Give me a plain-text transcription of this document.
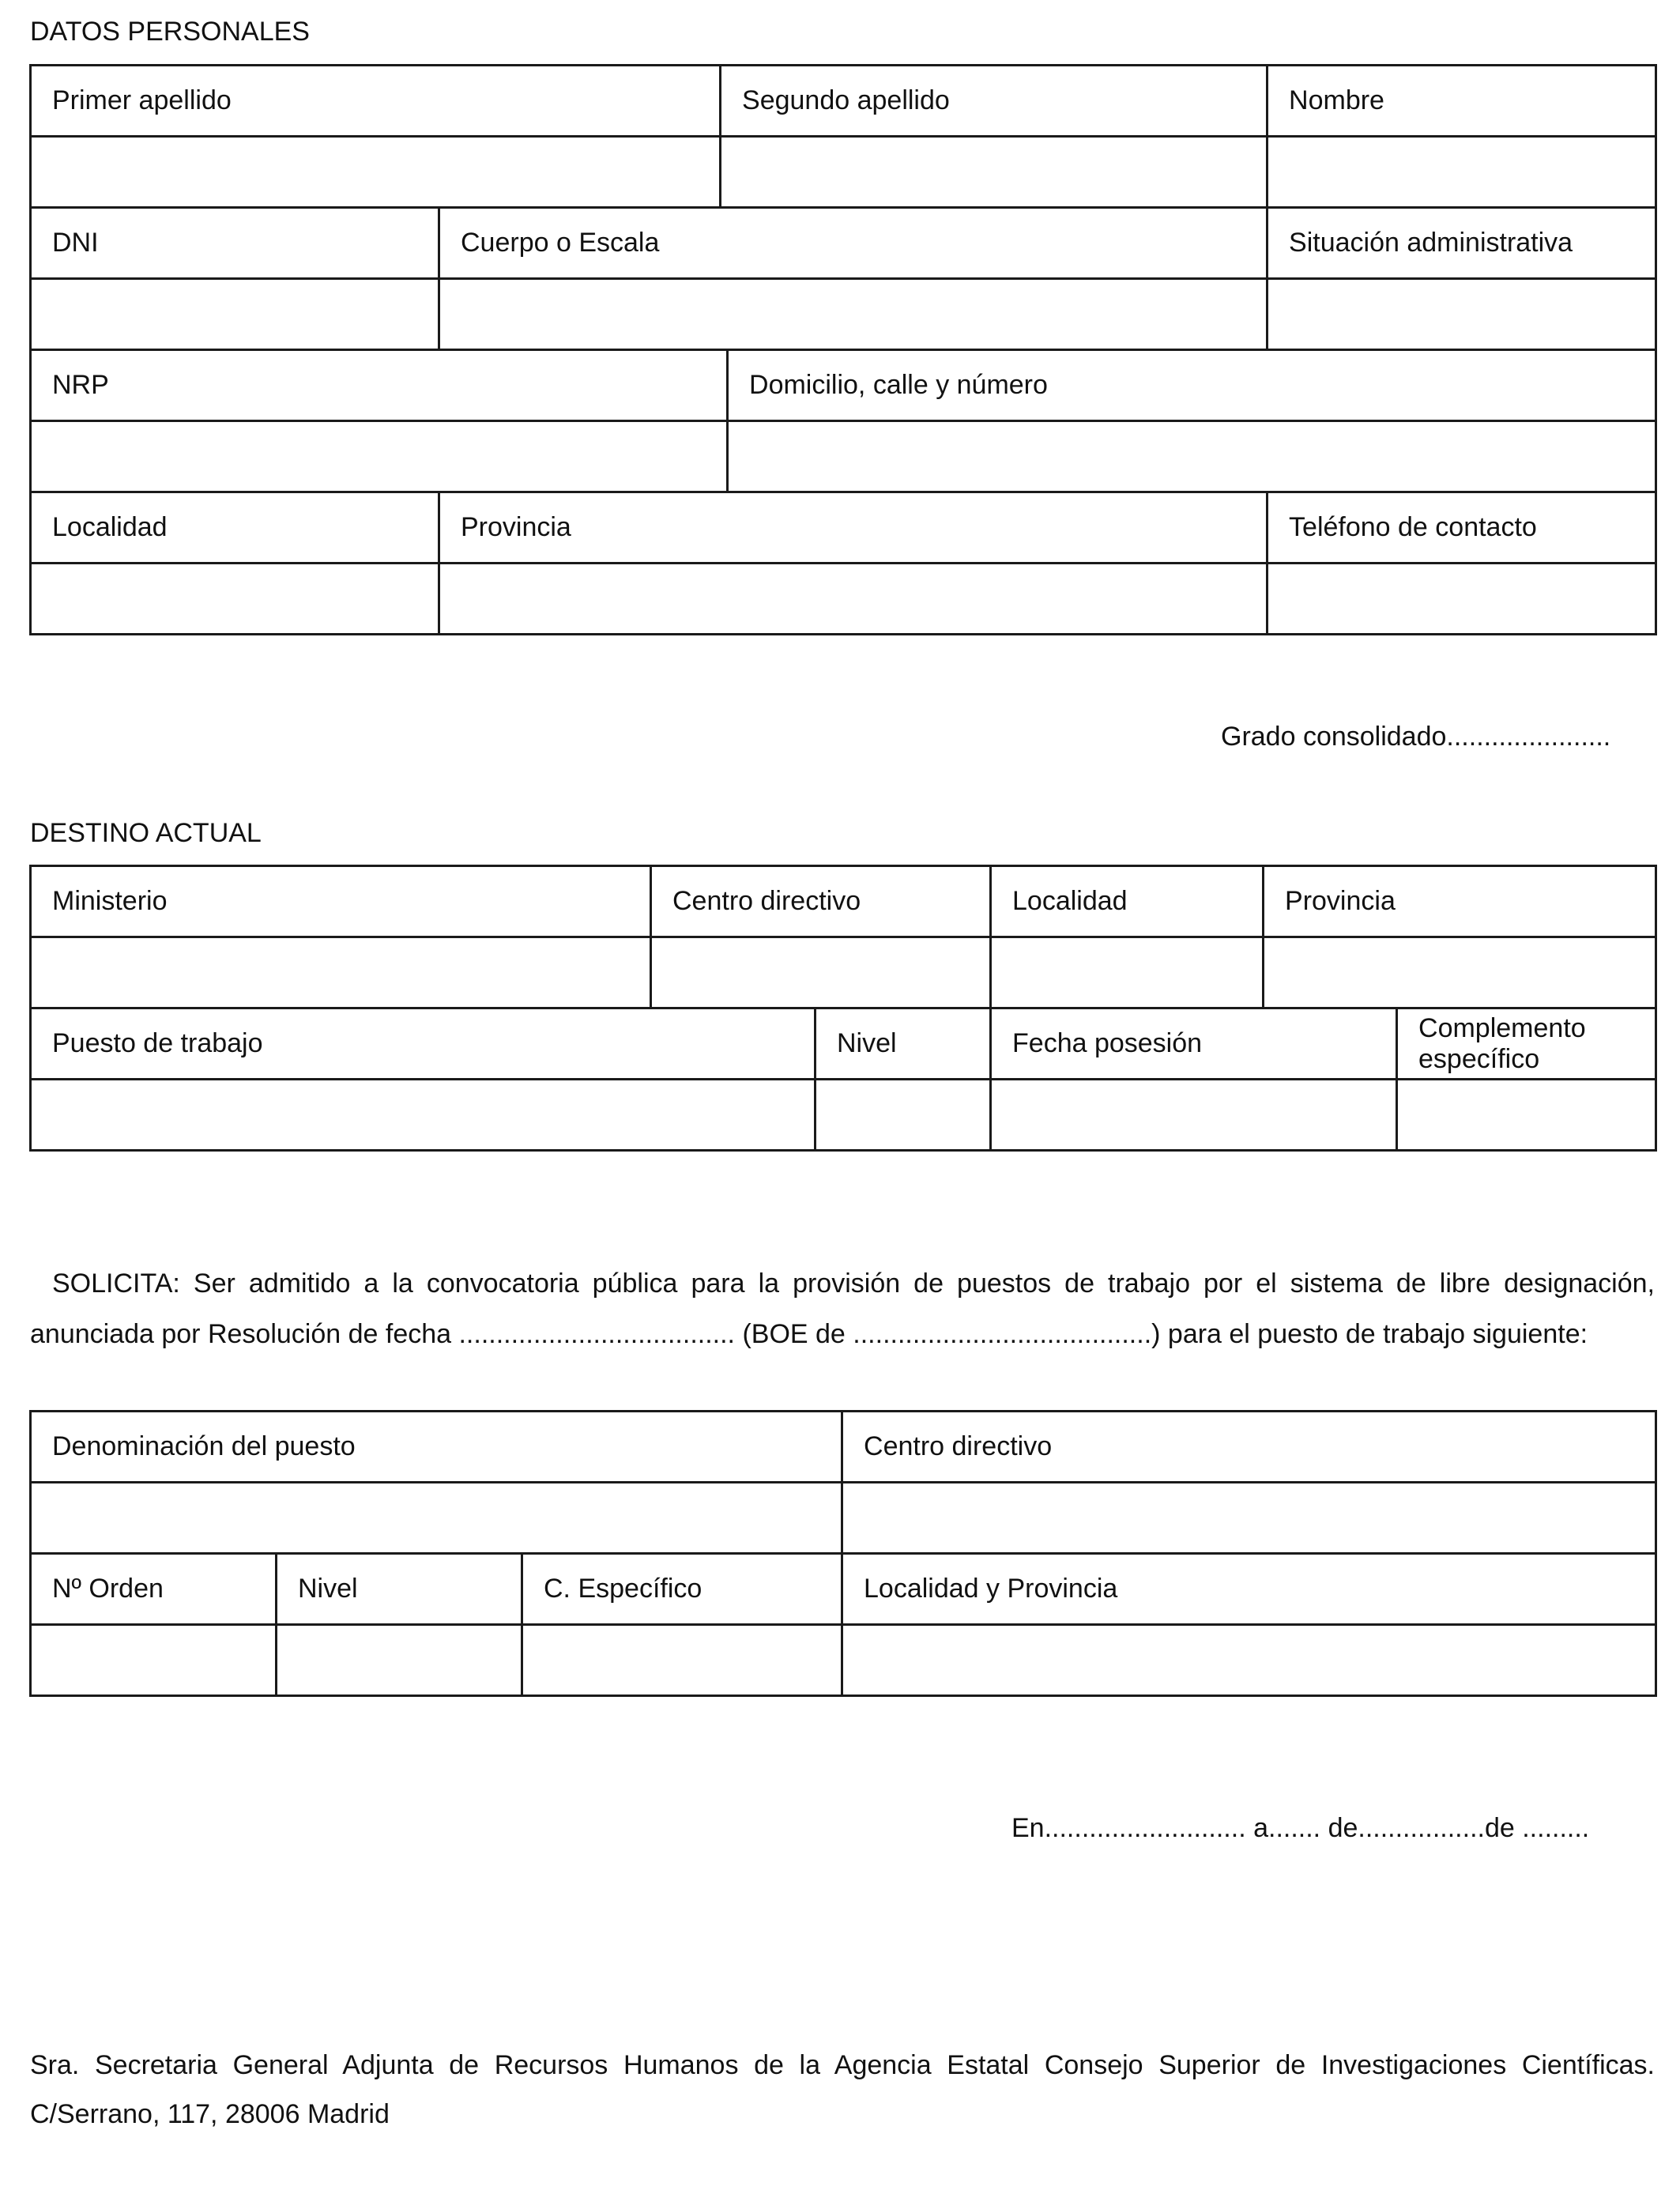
DATOS PERSONALES
Primer apellido		Segundo apellido		Nombre

DNI	Cuerpo o Escala			Situación administrativa

NRP			Domicilio, calle y número	

Localidad	Provincia			Teléfono de contacto

Grado consolidado......................
DESTINO ACTUAL
Ministerio	Centro directivo		Localidad	Provincia	

Puesto de trabajo		Nivel	Fecha posesión		Complemento específico

SOLICITA: Ser admitido a la convocatoria pública para la provisión de puestos de trabajo por el sistema de libre designación, anunciada por Resolución de fecha ..................................... (BOE de ........................................) para el puesto de trabajo siguiente:
Denominación del puesto			Centro directivo

Nº Orden	Nivel	C. Específico	Localidad y Provincia

En........................... a....... de.................de .........
Sra. Secretaria General Adjunta de Recursos Humanos de la Agencia Estatal Consejo Superior de Investigaciones Científicas. C/Serrano, 117, 28006 Madrid
